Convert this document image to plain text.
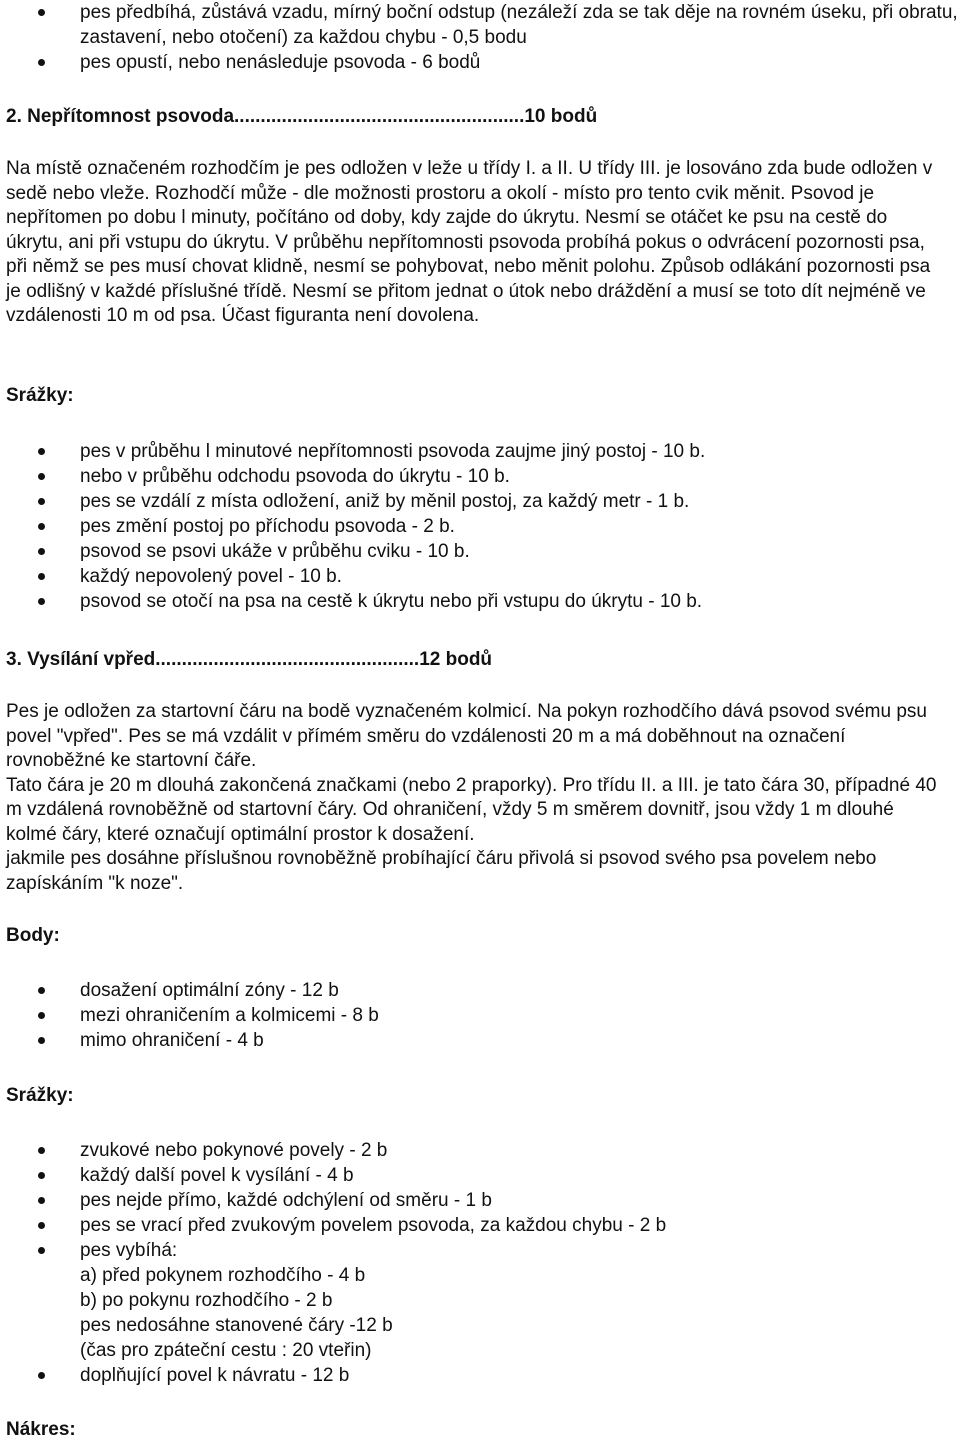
pes předbíhá, zůstává vzadu, mírný boční odstup (nezáleží zda se tak děje na rovném úseku, při obratu, zastavení, nebo otočení) za každou chybu - 0,5 bodu
pes opustí, nebo nenásleduje psovoda - 6 bodů

2. Nepřítomnost psovoda.......................................................10 bodů

Na místě označeném rozhodčím je pes odložen v leže u třídy I. a II. U třídy III. je losováno zda bude odložen v sedě nebo vleže. Rozhodčí může - dle možnosti prostoru a okolí - místo pro tento cvik měnit. Psovod je nepřítomen po dobu l minuty, počítáno od doby, kdy zajde do úkrytu. Nesmí se otáčet ke psu na cestě do úkrytu, ani při vstupu do úkrytu. V průběhu nepřítomnosti psovoda probíhá pokus o odvrácení pozornosti psa, při němž se pes musí chovat klidně, nesmí se pohybovat, nebo měnit polohu. Způsob odlákání pozornosti psa je odlišný v každé příslušné třídě. Nesmí se přitom jednat o útok nebo dráždění a musí se toto dít nejméně ve vzdálenosti 10 m od psa. Účast figuranta není dovolena.

Srážky:

pes v průběhu l minutové nepřítomnosti psovoda zaujme jiný postoj - 10 b.
nebo v průběhu odchodu psovoda do úkrytu - 10 b.
pes se vzdálí z místa odložení, aniž by měnil postoj, za každý metr - 1 b.
pes změní postoj po příchodu psovoda - 2 b.
psovod se psovi ukáže v průběhu cviku - 10 b.
každý nepovolený povel - 10 b.
psovod se otočí na psa na cestě k úkrytu nebo při vstupu do úkrytu - 10 b.

3. Vysílání vpřed..................................................12 bodů

Pes je odložen za startovní čáru na bodě vyznačeném kolmicí. Na pokyn rozhodčího dává psovod svému psu povel "vpřed". Pes se má vzdálit v přímém směru do vzdálenosti 20 m a má doběhnout na označení rovnoběžné ke startovní čáře.
Tato čára je 20 m dlouhá zakončená značkami (nebo 2 praporky). Pro třídu II. a III. je tato čára 30, případné 40 m vzdálená rovnoběžně od startovní čáry. Od ohraničení, vždy 5 m směrem dovnitř, jsou vždy 1 m dlouhé kolmé čáry, které označují optimální prostor k dosažení.
jakmile pes dosáhne příslušnou rovnoběžně probíhající čáru přivolá si psovod svého psa povelem nebo zapískáním "k noze".

Body:

dosažení optimální zóny - 12 b
mezi ohraničením a kolmicemi - 8 b
mimo ohraničení - 4 b

Srážky:

zvukové nebo pokynové povely - 2 b
každý další povel k vysílání - 4 b
pes nejde přímo, každé odchýlení od směru - 1 b
pes se vrací před zvukovým povelem psovoda, za každou chybu - 2 b
pes vybíhá:
a) před pokynem rozhodčího - 4 b
b) po pokynu rozhodčího - 2 b
pes nedosáhne stanovené čáry -12 b
(čas pro zpáteční cestu : 20 vteřin)
doplňující povel k návratu - 12 b

Nákres:
